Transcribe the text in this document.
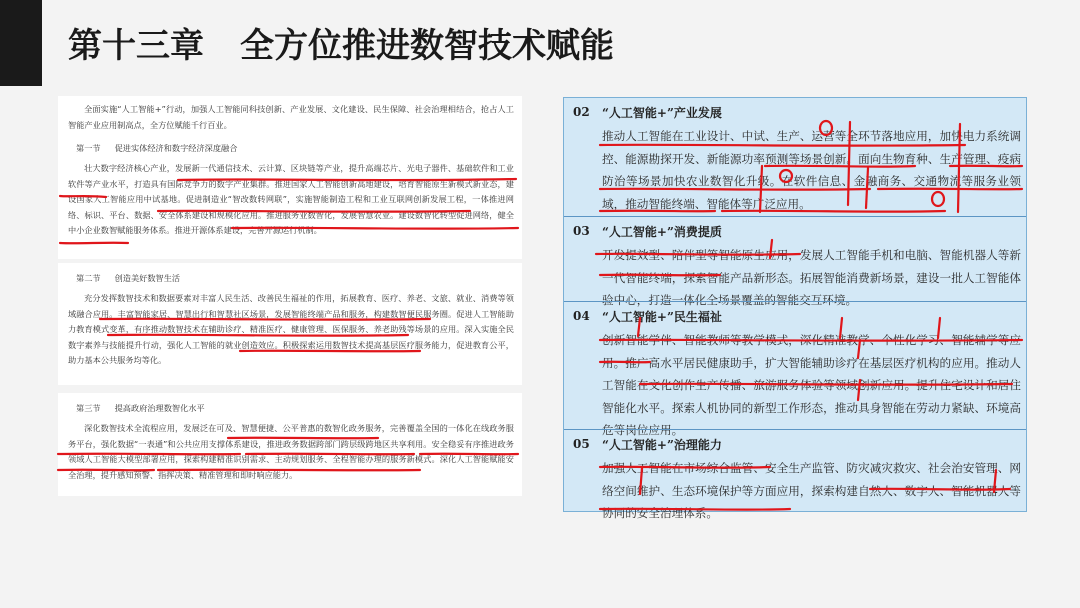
第十三章 全方位推进数智技术赋能
全面实施“人工智能+”行动，加强人工智能同科技创新、产业发展、文化建设、民生保障、社会治理相结合，抢占人工智能产业应用制高点，全方位赋能千行百业。
第一节 促进实体经济和数字经济深度融合
壮大数字经济核心产业，发展新一代通信技术、云计算、区块链等产业，提升高端芯片、光电子器件、基础软件和工业软件等产业水平，打造具有国际竞争力的数字产业集群。推进国家人工智能创新高地建设，培育智能原生新模式新业态，建设国家人工智能应用中试基地。促进制造业“智改数转网联”，实施智能制造工程和工业互联网创新发展工程，一体推进网络、标识、平台、数据、安全体系建设和规模化应用。推进服务业数智化，发展智慧农业。建设数智化转型促进网络，健全中小企业数智赋能服务体系。推进开源体系建设，完善开源运行机制。
第二节 创造美好数智生活
充分发挥数智技术和数据要素对丰富人民生活、改善民生福祉的作用，拓展教育、医疗、养老、文旅、就业、消费等领域融合应用。丰富智能家居、智慧出行和智慧社区场景，发展智能终端产品和服务，构建数智便民服务圈。促进人工智能助力教育模式变革，有序推动数智技术在辅助诊疗、精准医疗、健康管理、医保服务、养老助残等场景的应用。深入实施全民数字素养与技能提升行动，强化人工智能的就业创造效应。积极探索运用数智技术提高基层医疗服务能力，促进教育公平，助力基本公共服务均等化。
第三节 提高政府治理数智化水平
深化数智技术全流程应用，发展泛在可及、智慧便捷、公平普惠的数智化政务服务，完善覆盖全国的一体化在线政务服务平台，强化数据“一表通”和公共应用支撑体系建设，推进政务数据跨部门跨层级跨地区共享利用。安全稳妥有序推进政务领域人工智能大模型部署应用，探索构建精准识别需求、主动规划服务、全程智能办理的服务新模式。深化人工智能赋能安全治理，提升感知预警、指挥决策、精准管理和即时响应能力。
02 “人工智能+”产业发展
推动人工智能在工业设计、中试、生产、运营等全环节落地应用，加快电力系统调控、能源勘探开发、新能源功率预测等场景创新。面向生物育种、生产管理、疫病防治等场景加快农业数智化升级。在软件信息、金融商务、交通物流等服务业领域，推动智能终端、智能体等广泛应用。
03 “人工智能+”消费提质
开发提效型、陪伴型等智能原生应用，发展人工智能手机和电脑、智能机器人等新一代智能终端，探索智能产品新形态。拓展智能消费新场景，建设一批人工智能体验中心，打造一体化全场景覆盖的智能交互环境。
04 “人工智能+”民生福祉
创新智能学伴、智能教师等教学模式，深化精准教学、个性化学习、智能辅学等应用。推广高水平居民健康助手，扩大智能辅助诊疗在基层医疗机构的应用。推动人工智能在文化创作生产传播、旅游服务体验等领域创新应用。提升住宅设计和居住智能化水平。探索人机协同的新型工作形态，推动具身智能在劳动力紧缺、环境高危等岗位应用。
05 “人工智能+”治理能力
加强人工智能在市场综合监管、安全生产监管、防灾减灾救灾、社会治安管理、网络空间维护、生态环境保护等方面应用，探索构建自然人、数字人、智能机器人等协同的安全治理体系。
